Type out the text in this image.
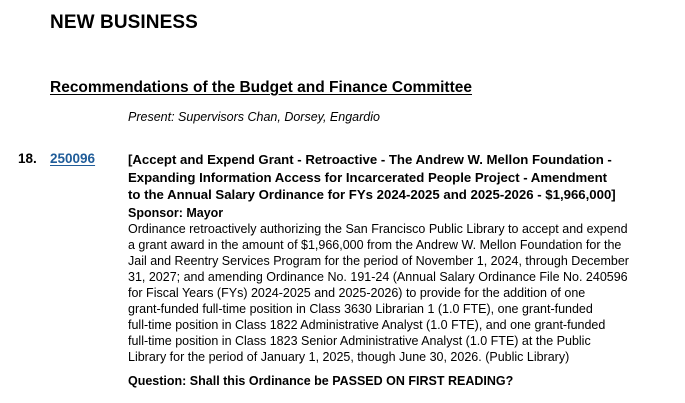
NEW BUSINESS
Recommendations of the Budget and Finance Committee
Present: Supervisors Chan, Dorsey, Engardio
18. 250096 [Accept and Expend Grant - Retroactive - The Andrew W. Mellon Foundation -
Expanding Information Access for Incarcerated People Project - Amendment
to the Annual Salary Ordinance for FYs 2024-2025 and 2025-2026 - $1,966,000]
Sponsor: Mayor
Ordinance retroactively authorizing the San Francisco Public Library to accept and expend
a grant award in the amount of $1,966,000 from the Andrew W. Mellon Foundation for the
Jail and Reentry Services Program for the period of November 1, 2024, through December
31, 2027; and amending Ordinance No. 191-24 (Annual Salary Ordinance File No. 240596
for Fiscal Years (FYs) 2024-2025 and 2025-2026) to provide for the addition of one
grant-funded full-time position in Class 3630 Librarian 1 (1.0 FTE), one grant-funded
full-time position in Class 1822 Administrative Analyst (1.0 FTE), and one grant-funded
full-time position in Class 1823 Senior Administrative Analyst (1.0 FTE) at the Public
Library for the period of January 1, 2025, though June 30, 2026. (Public Library)
Question: Shall this Ordinance be PASSED ON FIRST READING?
